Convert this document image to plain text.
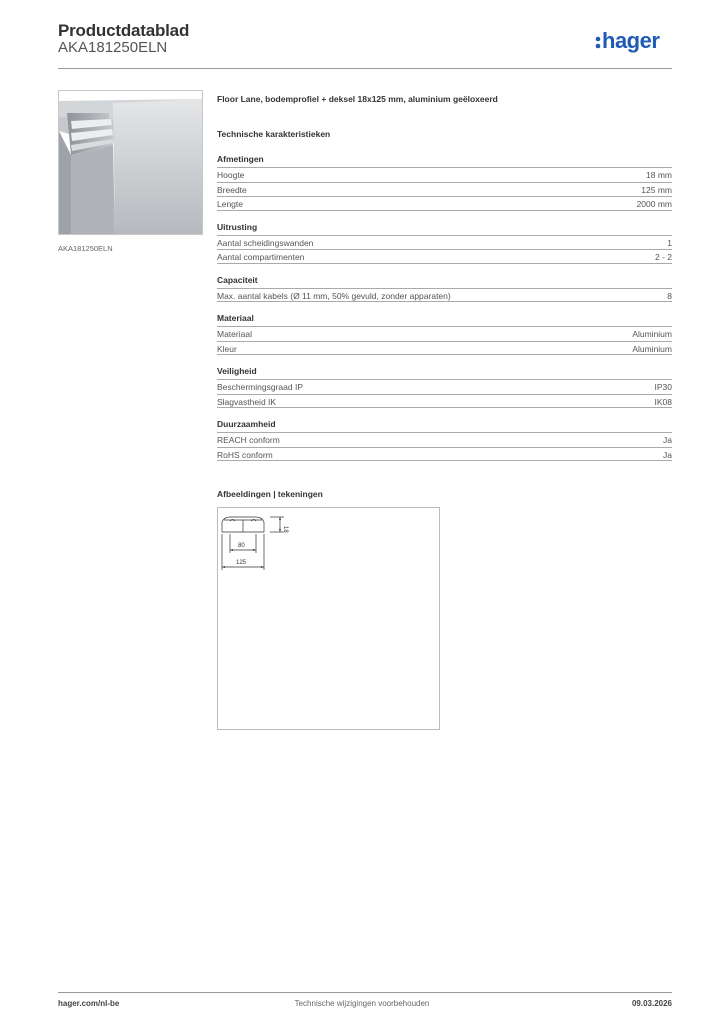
Productdatablad
AKA181250ELN	hager
AKA181250ELN
Floor Lane, bodemprofiel + deksel 18x125 mm, aluminium geëloxeerd
Technische karakteristieken
Afmetingen
Hoogte	18 mm
Breedte	125 mm
Lengte	2000 mm
Uitrusting
Aantal scheidingswanden	1
Aantal compartimenten	2 - 2
Capaciteit
Max. aantal kabels (Ø 11 mm, 50% gevuld, zonder apparaten)	8
Materiaal
Materiaal	Aluminium
Kleur	Aluminium
Veiligheid
Beschermingsgraad IP	IP30
Slagvastheid IK	IK08
Duurzaamheid
REACH conform	Ja
RoHS conform	Ja
Afbeeldingen | tekeningen
18
80
125
hager.com/nl-be	Technische wijzigingen voorbehouden	09.03.2026
